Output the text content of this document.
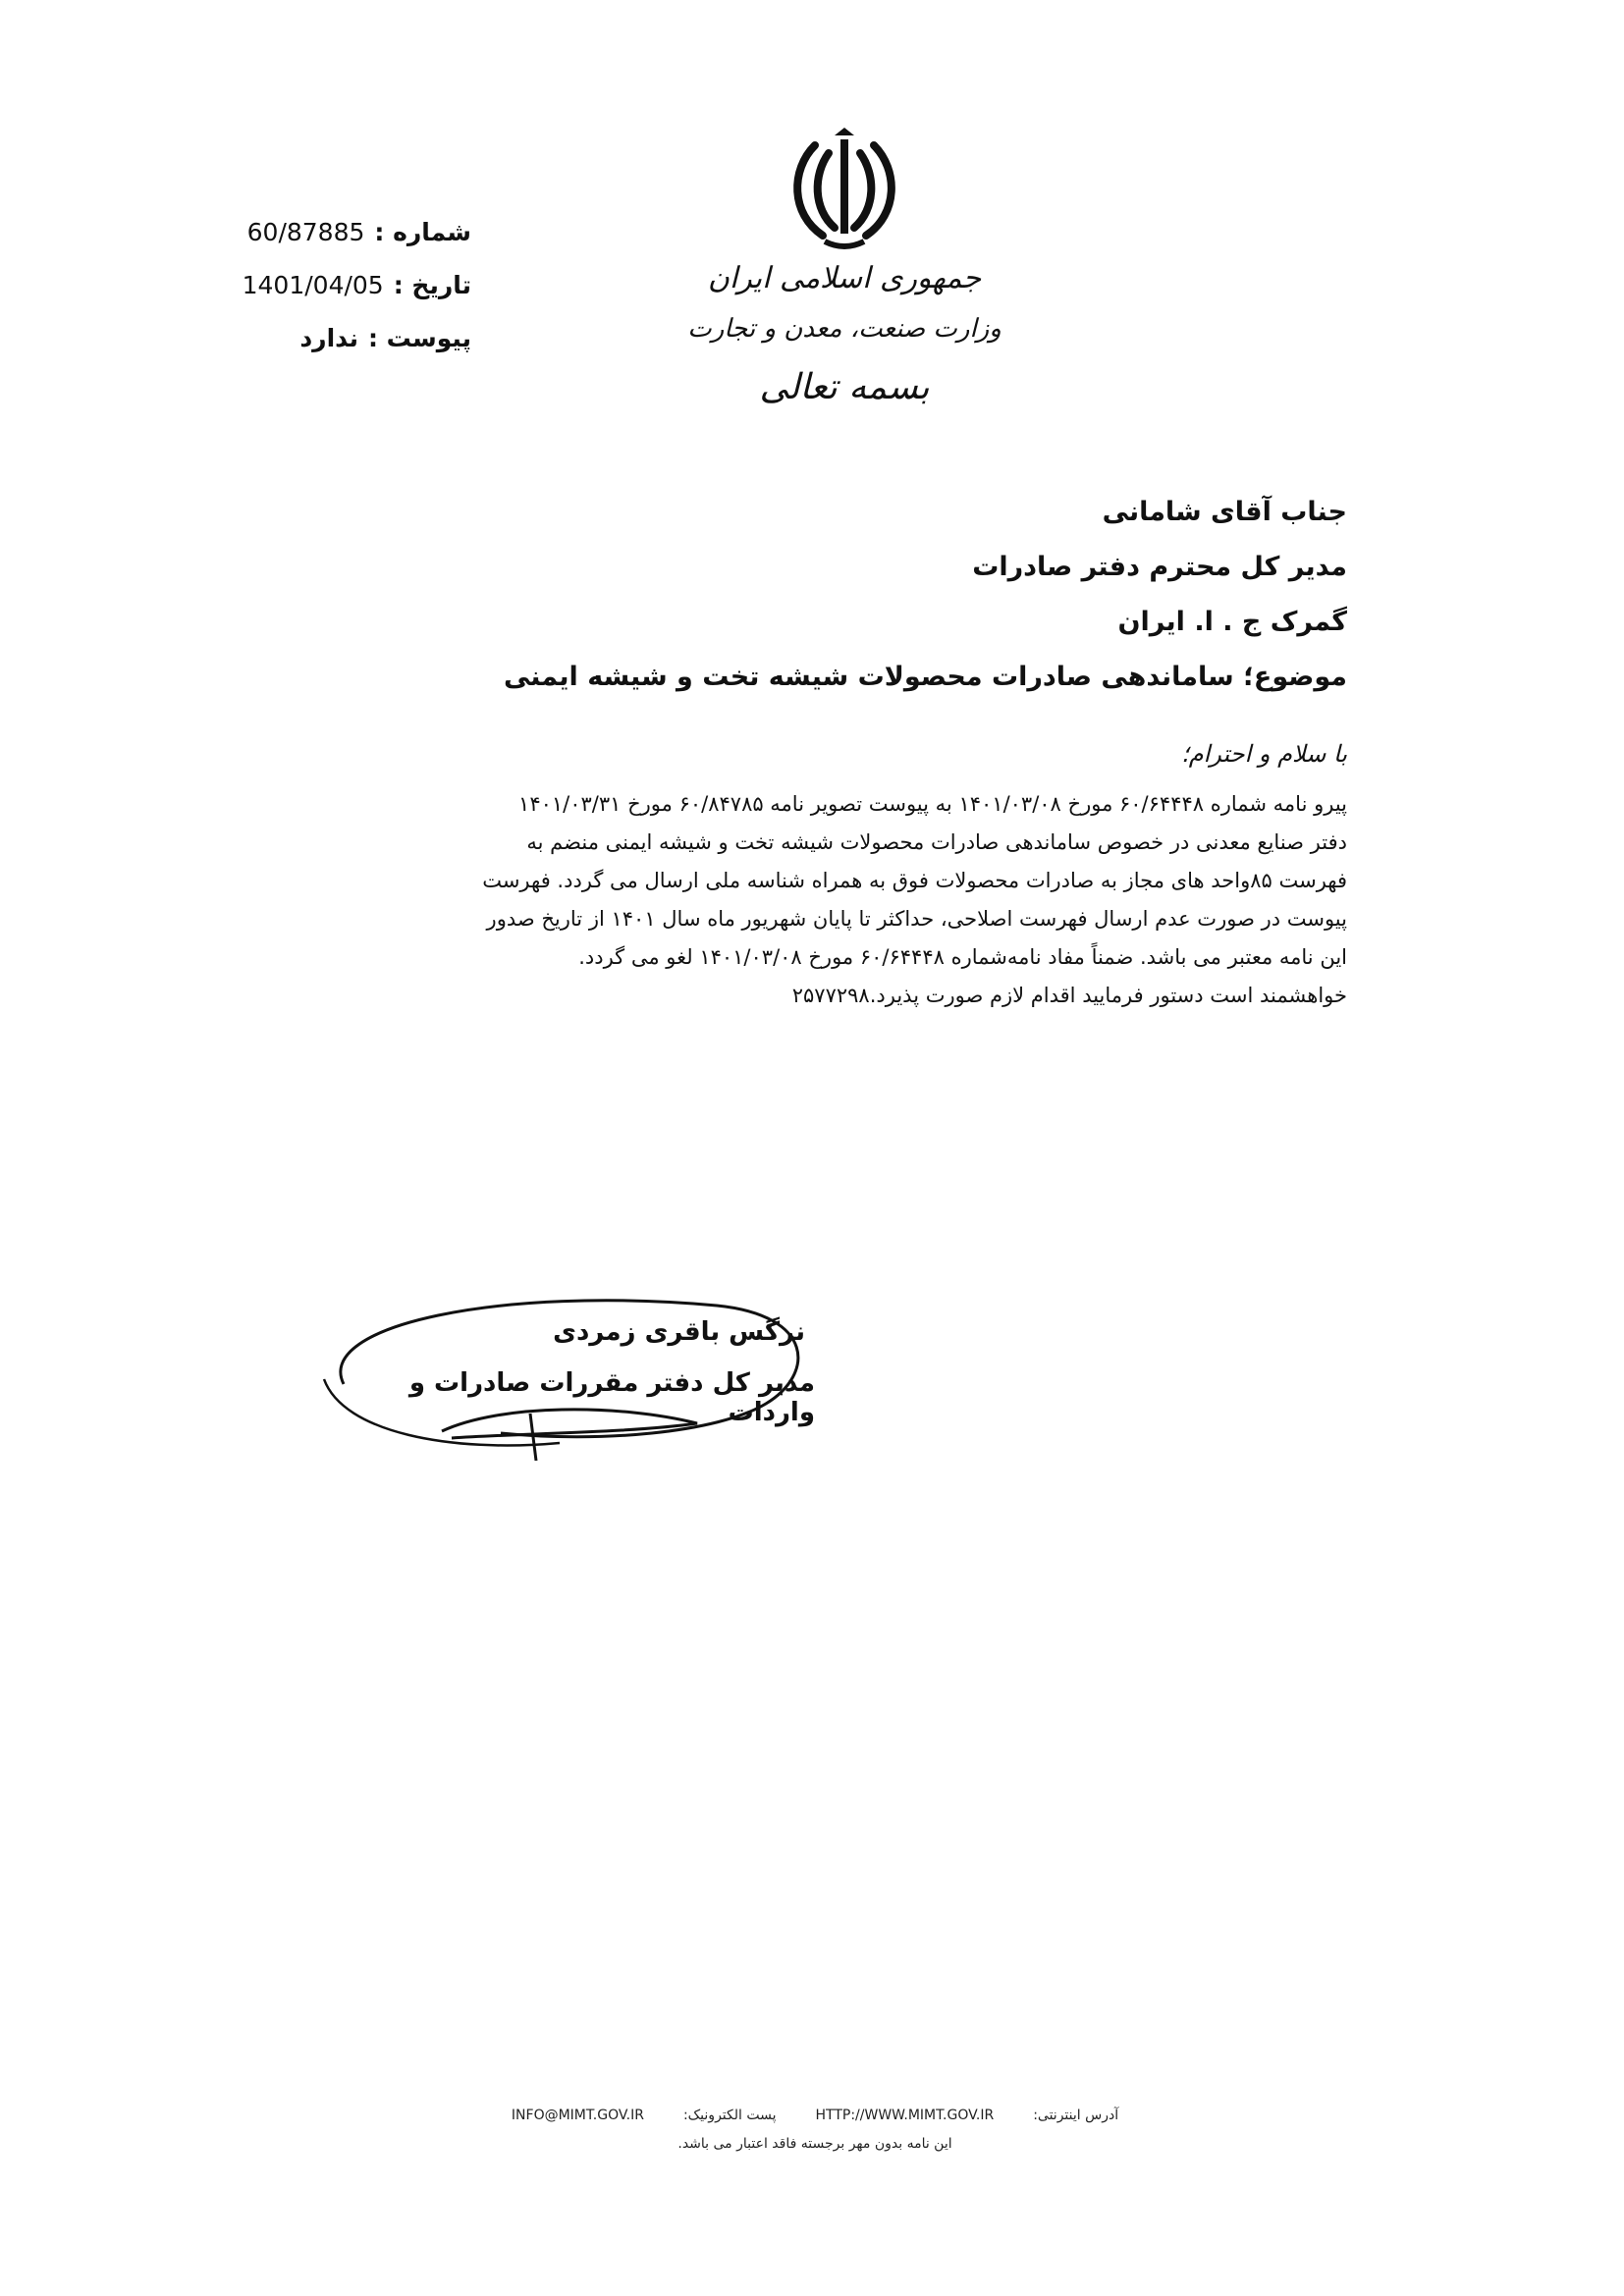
جمهوری اسلامی ایران
وزارت صنعت، معدن و تجارت
بسمه تعالی
60/87885 شماره :
1401/04/05 تاریخ :
ندارد پیوست :
جناب آقای شامانی
مدیر کل محترم دفتر صادرات
گمرک ج . ا. ایران
موضوع؛ ساماندهی صادرات محصولات شیشه تخت و شیشه ایمنی
با سلام و احترام؛
پیرو نامه شماره ۶۰/۶۴۴۴۸ مورخ ۱۴۰۱/۰۳/۰۸ به پیوست تصویر نامه ۶۰/۸۴۷۸۵ مورخ ۱۴۰۱/۰۳/۳۱
دفتر صنایع معدنی در خصوص ساماندهی صادرات محصولات شیشه تخت و شیشه ایمنی منضم به
فهرست ۸۵واحد های مجاز به صادرات محصولات فوق به همراه شناسه ملی ارسال می گردد. فهرست
پیوست در صورت عدم ارسال فهرست اصلاحی، حداکثر تا پایان شهریور ماه سال ۱۴۰۱ از تاریخ صدور
این نامه معتبر می باشد. ضمناً مفاد نامه‌شماره ۶۰/۶۴۴۴۸ مورخ ۱۴۰۱/۰۳/۰۸ لغو می گردد.
خواهشمند است دستور فرمایید اقدام لازم صورت پذیرد.۲۵۷۷۲۹۸
نرگس باقری زمردی
مدیر کل دفتر مقررات صادرات و واردات
آدرس اینترنتی:
HTTP://WWW.MIMT.GOV.IR
پست الکترونیک:
INFO@MIMT.GOV.IR
این نامه بدون مهر برجسته فاقد اعتبار می باشد.
